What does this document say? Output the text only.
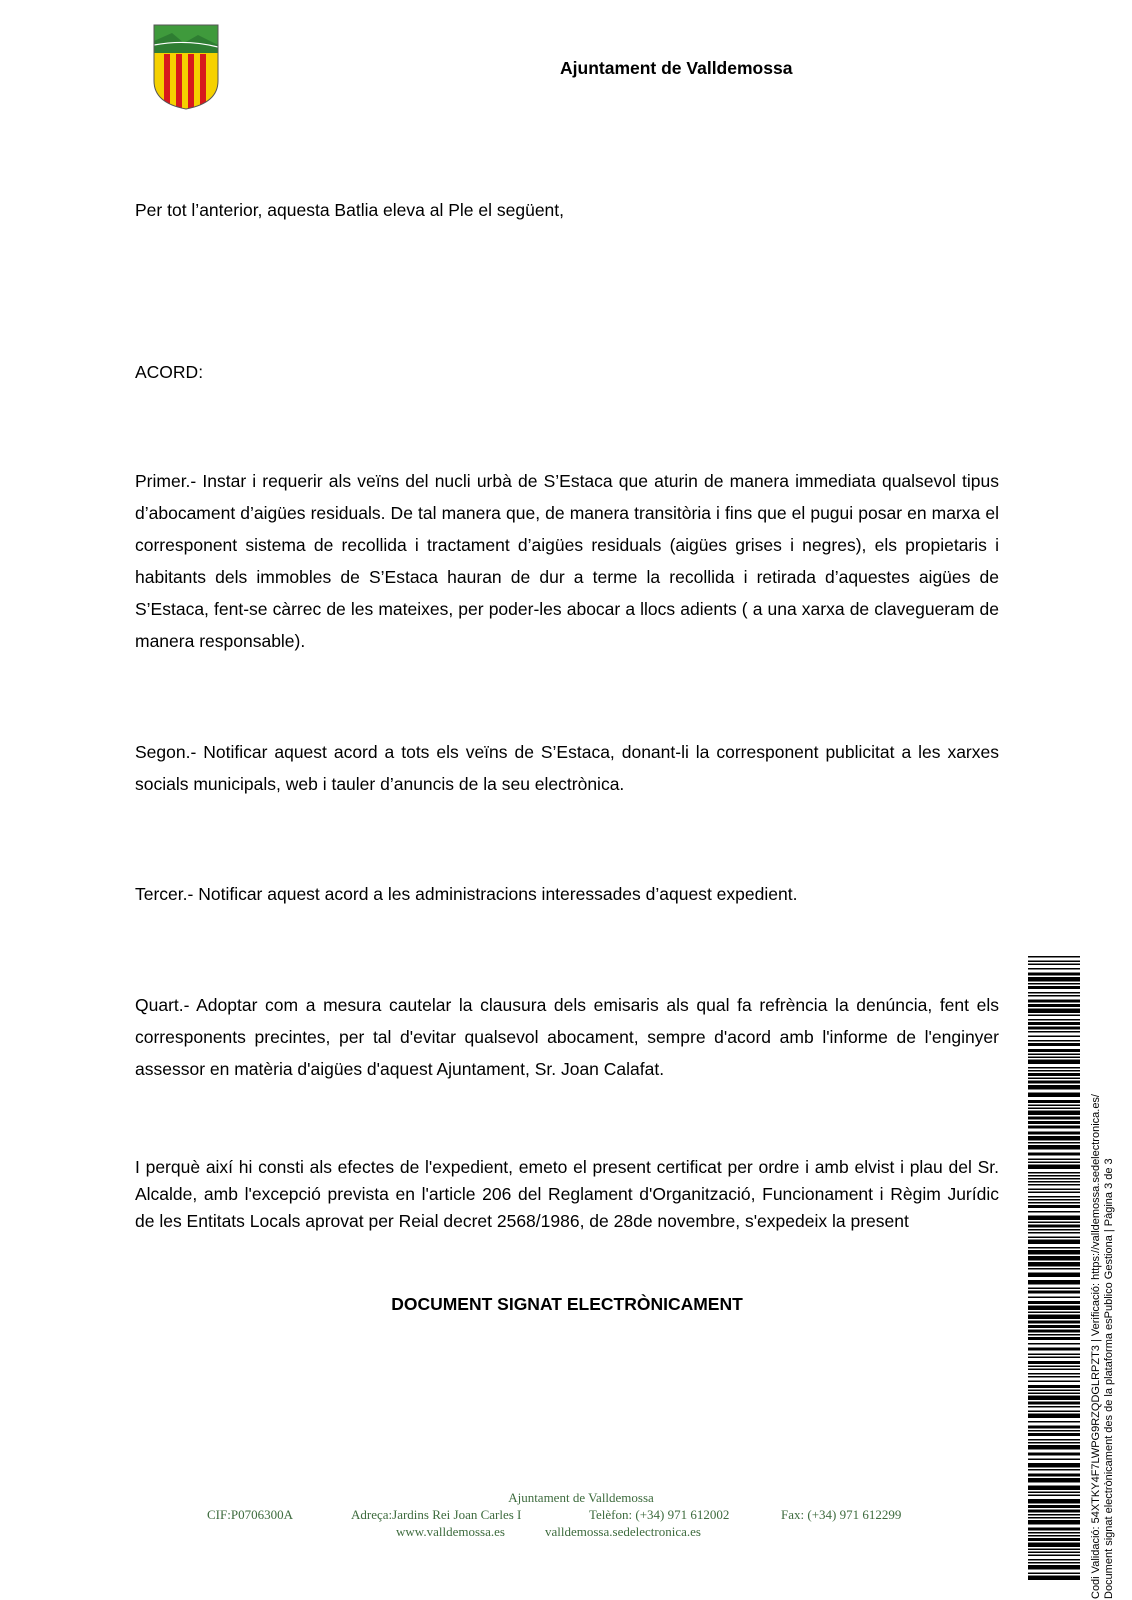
Ajuntament de Valldemossa
Per tot l’anterior, aquesta Batlia eleva al Ple el següent,
ACORD:
Primer.- Instar i requerir als veïns del nucli urbà de S’Estaca que aturin de manera immediata qualsevol tipus d’abocament d’aigües residuals. De tal manera que, de manera transitòria i fins que el pugui posar en marxa el corresponent sistema de recollida i tractament d’aigües residuals (aigües grises i negres), els propietaris i habitants dels immobles de S’Estaca hauran de dur a terme la recollida i retirada d’aquestes aigües de S’Estaca, fent-se càrrec de les mateixes, per poder-les abocar a llocs adients ( a una xarxa de clavegueram de manera responsable).
Segon.- Notificar aquest acord a tots els veïns de S’Estaca, donant-li la corresponent publicitat a les xarxes socials municipals, web i tauler d’anuncis de la seu electrònica.
Tercer.- Notificar aquest acord a les administracions interessades d’aquest expedient.
Quart.- Adoptar com a mesura cautelar la clausura dels emisaris als qual fa refrència la denúncia, fent els corresponents precintes, per tal d'evitar qualsevol abocament, sempre d'acord amb l'informe de l'enginyer assessor en matèria d'aigües d'aquest Ajuntament, Sr. Joan Calafat.
I perquè així hi consti als efectes de l'expedient, emeto el present certificat per ordre i amb elvist i plau del Sr. Alcalde, amb l'excepció prevista en l'article 206 del Reglament d'Organització, Funcionament i Règim Jurídic de les Entitats Locals aprovat per Reial decret 2568/1986, de 28de novembre, s'expedeix la present
DOCUMENT SIGNAT ELECTRÒNICAMENT
Ajuntament de Valldemossa
CIF:P0706300A	Adreça:Jardins Rei Joan Carles I	Telèfon: (+34) 971 612002	Fax: (+34) 971 612299
www.valldemossa.es	valldemossa.sedelectronica.es	Codi Validació: 54XTKY4F7LWPG9RZQDGLRPZT3 | Verificació: https://valldemossa.sedelectronica.es/ Document signat electrònicament des de la plataforma esPublico Gestiona | Pàgina 3 de 3
